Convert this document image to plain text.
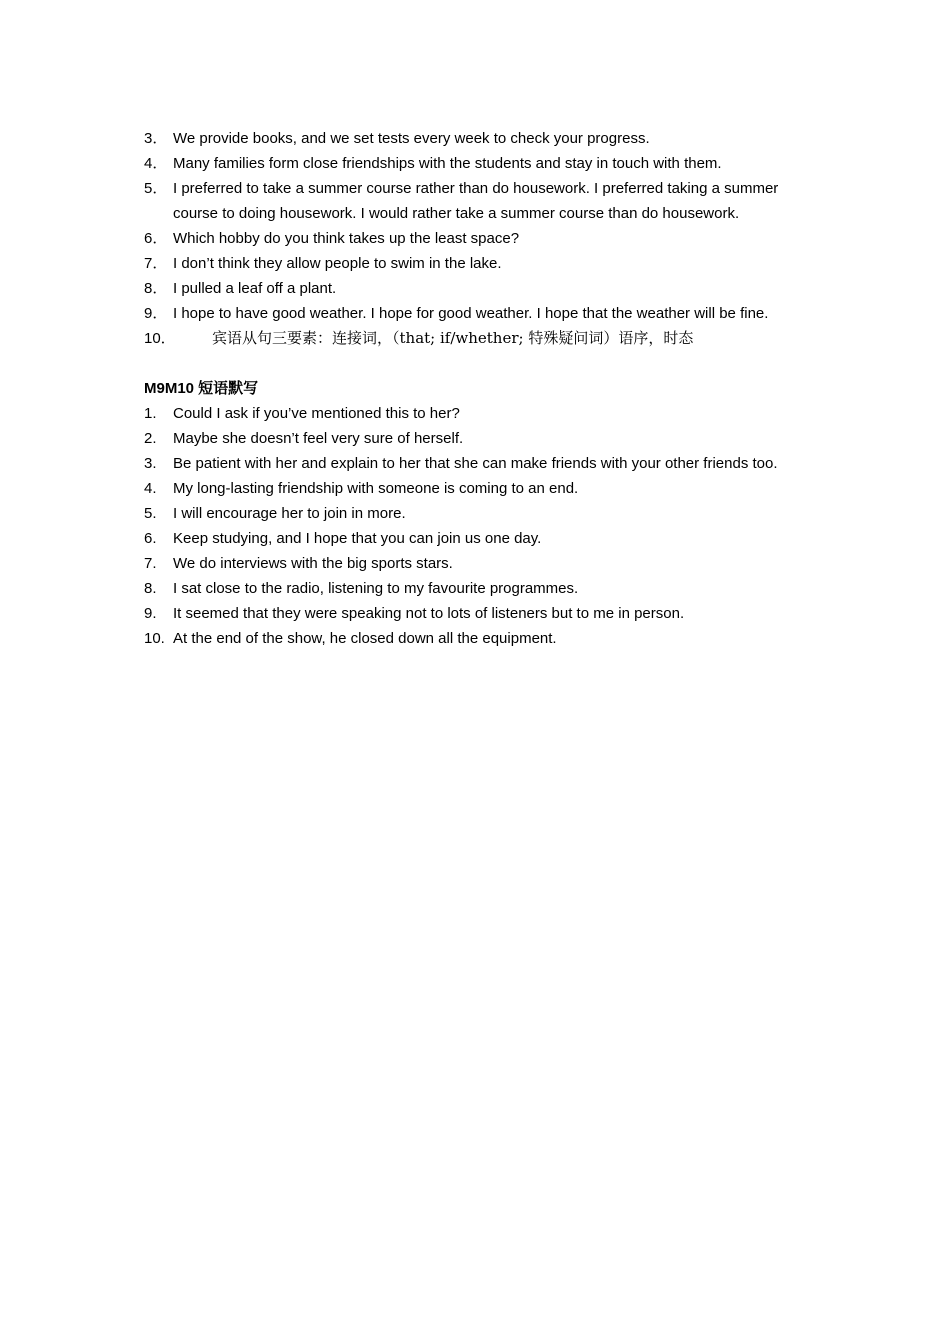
3． We provide books, and we set tests every week to check your progress.
4． Many families form close friendships with the students and stay in touch with them.
5． I preferred to take a summer course rather than do housework. I preferred taking a summer course to doing housework. I would rather take a summer course than do housework.
6． Which hobby do you think takes up the least space?
7． I don’t think they allow people to swim in the lake.
8． I pulled a leaf off a plant.
9． I hope to have good weather. I hope for good weather. I hope that the weather will be fine.
10．	宾语从句三要素：连接词，（that; if/whether; 特殊疑问词）语序，时态
M9M10 短语默写
1.	Could I ask if you’ve mentioned this to her?
2.	Maybe she doesn’t feel very sure of herself.
3.	Be patient with her and explain to her that she can make friends with your other friends too.
4.	My long-lasting friendship with someone is coming to an end.
5.	I will encourage her to join in more.
6.	Keep studying, and I hope that you can join us one day.
7.	We do interviews with the big sports stars.
8.	I sat close to the radio, listening to my favourite programmes.
9.	It seemed that they were speaking not to lots of listeners but to me in person.
10. At the end of the show, he closed down all the equipment.
